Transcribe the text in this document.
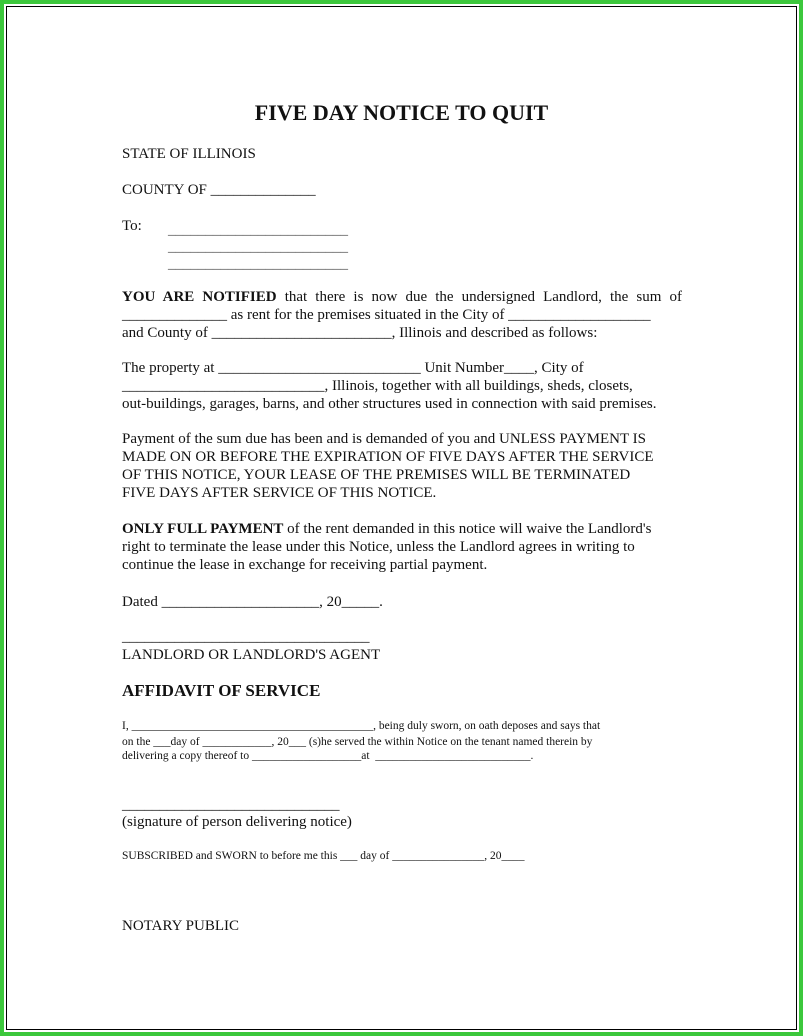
FIVE DAY NOTICE TO QUIT
STATE OF ILLINOIS
COUNTY OF ______________
To: ________________________
________________________
________________________
YOU ARE NOTIFIED that there is now due the undersigned Landlord, the sum of
______________ as rent for the premises situated in the City of ___________________
and County of ________________________, Illinois and described as follows:
The property at ___________________________ Unit Number____, City of
___________________________, Illinois, together with all buildings, sheds, closets,
out-buildings, garages, barns, and other structures used in connection with said premises.
Payment of the sum due has been and is demanded of you and UNLESS PAYMENT IS
MADE ON OR BEFORE THE EXPIRATION OF FIVE DAYS AFTER THE SERVICE
OF THIS NOTICE, YOUR LEASE OF THE PREMISES WILL BE TERMINATED
FIVE DAYS AFTER SERVICE OF THIS NOTICE.
ONLY FULL PAYMENT of the rent demanded in this notice will waive the Landlord's
right to terminate the lease under this Notice, unless the Landlord agrees in writing to
continue the lease in exchange for receiving partial payment.
Dated _____________________, 20_____.
_________________________________
LANDLORD OR LANDLORD'S AGENT
AFFIDAVIT OF SERVICE
I, __________________________________________, being duly sworn, on oath deposes and says that
on the ___day of ____________, 20___ (s)he served the within Notice on the tenant named therein by
delivering a copy thereof to ___________________at  ___________________________.
_____________________________
(signature of person delivering notice)
SUBSCRIBED and SWORN to before me this ___ day of ________________, 20____
NOTARY PUBLIC
